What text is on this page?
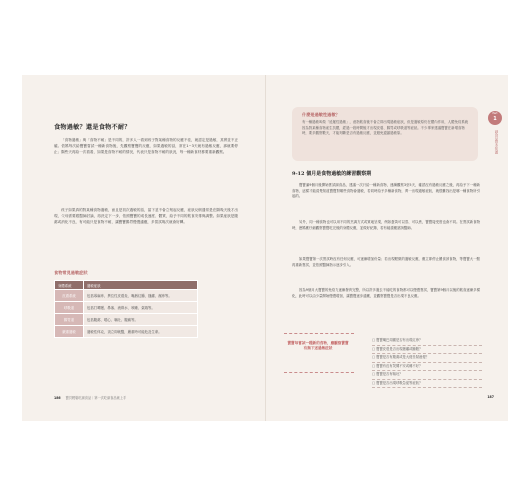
食物過敏？還是食物不耐？
「食物過敏」與「食物不耐」是不同的，許多人一看到孩子對某種食物的反應不佳，就認定是過敏，其實並不正確。依媽每次給寶寶嘗試一種新食物後，先觀察寶寶的反應，如果過敏的話，常在1~3天就有過敏反應，那就要停止；隔些天再給一次看看，如果是食物不耐的情況，代表只是食物不耐的狀況，每一種新食材都要重新觀察。
孩子如果真的對某種食物過敏，而且是初次過敏的話，當下並不會立刻起反應，症狀反倒通常是在隔幾天後才出現，父母需要跟醫師討論，再決定下一步，依照寶寶的成長速度、體質，給予不同的飲食安排與調整。如果症狀是腹瀉或消化不良，有可能只是食物不耐，讓寶寶腸胃慢慢適應，多嘗試幾次就會好轉。
食物常見過敏症狀
身體系統	過敏症狀
皮膚系統	包括蕁麻疹、異位性皮膚炎、嘴唇紅腫、搔癢、濕疹等。
呼吸道	包括打噴嚏、鼻塞、流鼻水、咳嗽、氣喘等。
腸胃道	包括腹瀉、噁心、嘔吐、腹痛等。
嚴重過敏	過敏性休克，須立即就醫，嚴重時可能危及生命。
186 寶貝輕鬆吃副食品｜第一次吃副食品就上手
什麼是過敏性過敏？
有一種過敏叫做「延遲性過敏」，意指飲食後不會立即出現過敏症狀，但是過敏原仍在體內作用，人體免疫系統因為對某種食物產生抗體，經過一段時間後才出現皮膚、腸胃或呼吸道等症狀。不少專家建議寶寶在新增食物時，要多觀察數天，才能判斷是否有過敏反應，並避免遺漏過敏原。
9-12 個月是食物過敏的練習觀察期
寶寶滿9個月後開始嘗試副食品，建議一次只給一種新食物，連續觀察3至5天，確認沒有過敏反應之後，再給予下一種新食物，這樣才能清楚知道寶寶對哪些食物會過敏，若同時給予多種新食物，萬一出現過敏症狀，就很難找出是哪一種食物所引起的。
另外，同一種食物也可以用不同的烹調方式或質地呈現，例如蛋黃可以蒸、可以煮，寶寶接受度也會不同。在嘗試新食物時，爸媽應仔細觀察寶寶吃完後的身體反應，並做好紀錄，若有疑慮應諮詢醫師。
如果寶寶第一次嘗試時沒有任何反應，可逐漸增加份量；若出現輕微的過敏反應，應立即停止餵食該食物，等寶寶大一點再重新嘗試，並依照醫師指示逐步引入。
因為9個月大寶寶的免疫力逐漸發育完整，所以許多過去不能吃的食物都可以慢慢嘗試，寶寶第9個月以後的飲食逐漸多樣化，此時可以由少量開始慢慢增加，讓寶寶逐步適應，並觀察寶寶是否出現不良反應。
寶寶每嘗試一種新的食物，應觀察寶寶有無下述過敏症狀
□ 寶寶嘴巴周圍是否有出現紅疹？
□ 寶寶皮膚是否出現搔癢或腫脹？
□ 寶寶是否有腹瀉或是大便呈黏液便？
□ 寶寶有沒有哭鬧不安或睡不好？
□ 寶寶是否有嘔吐？
□ 寶寶是否出現呼吸急促等症狀？
Part
1
副食品基本知識
187
